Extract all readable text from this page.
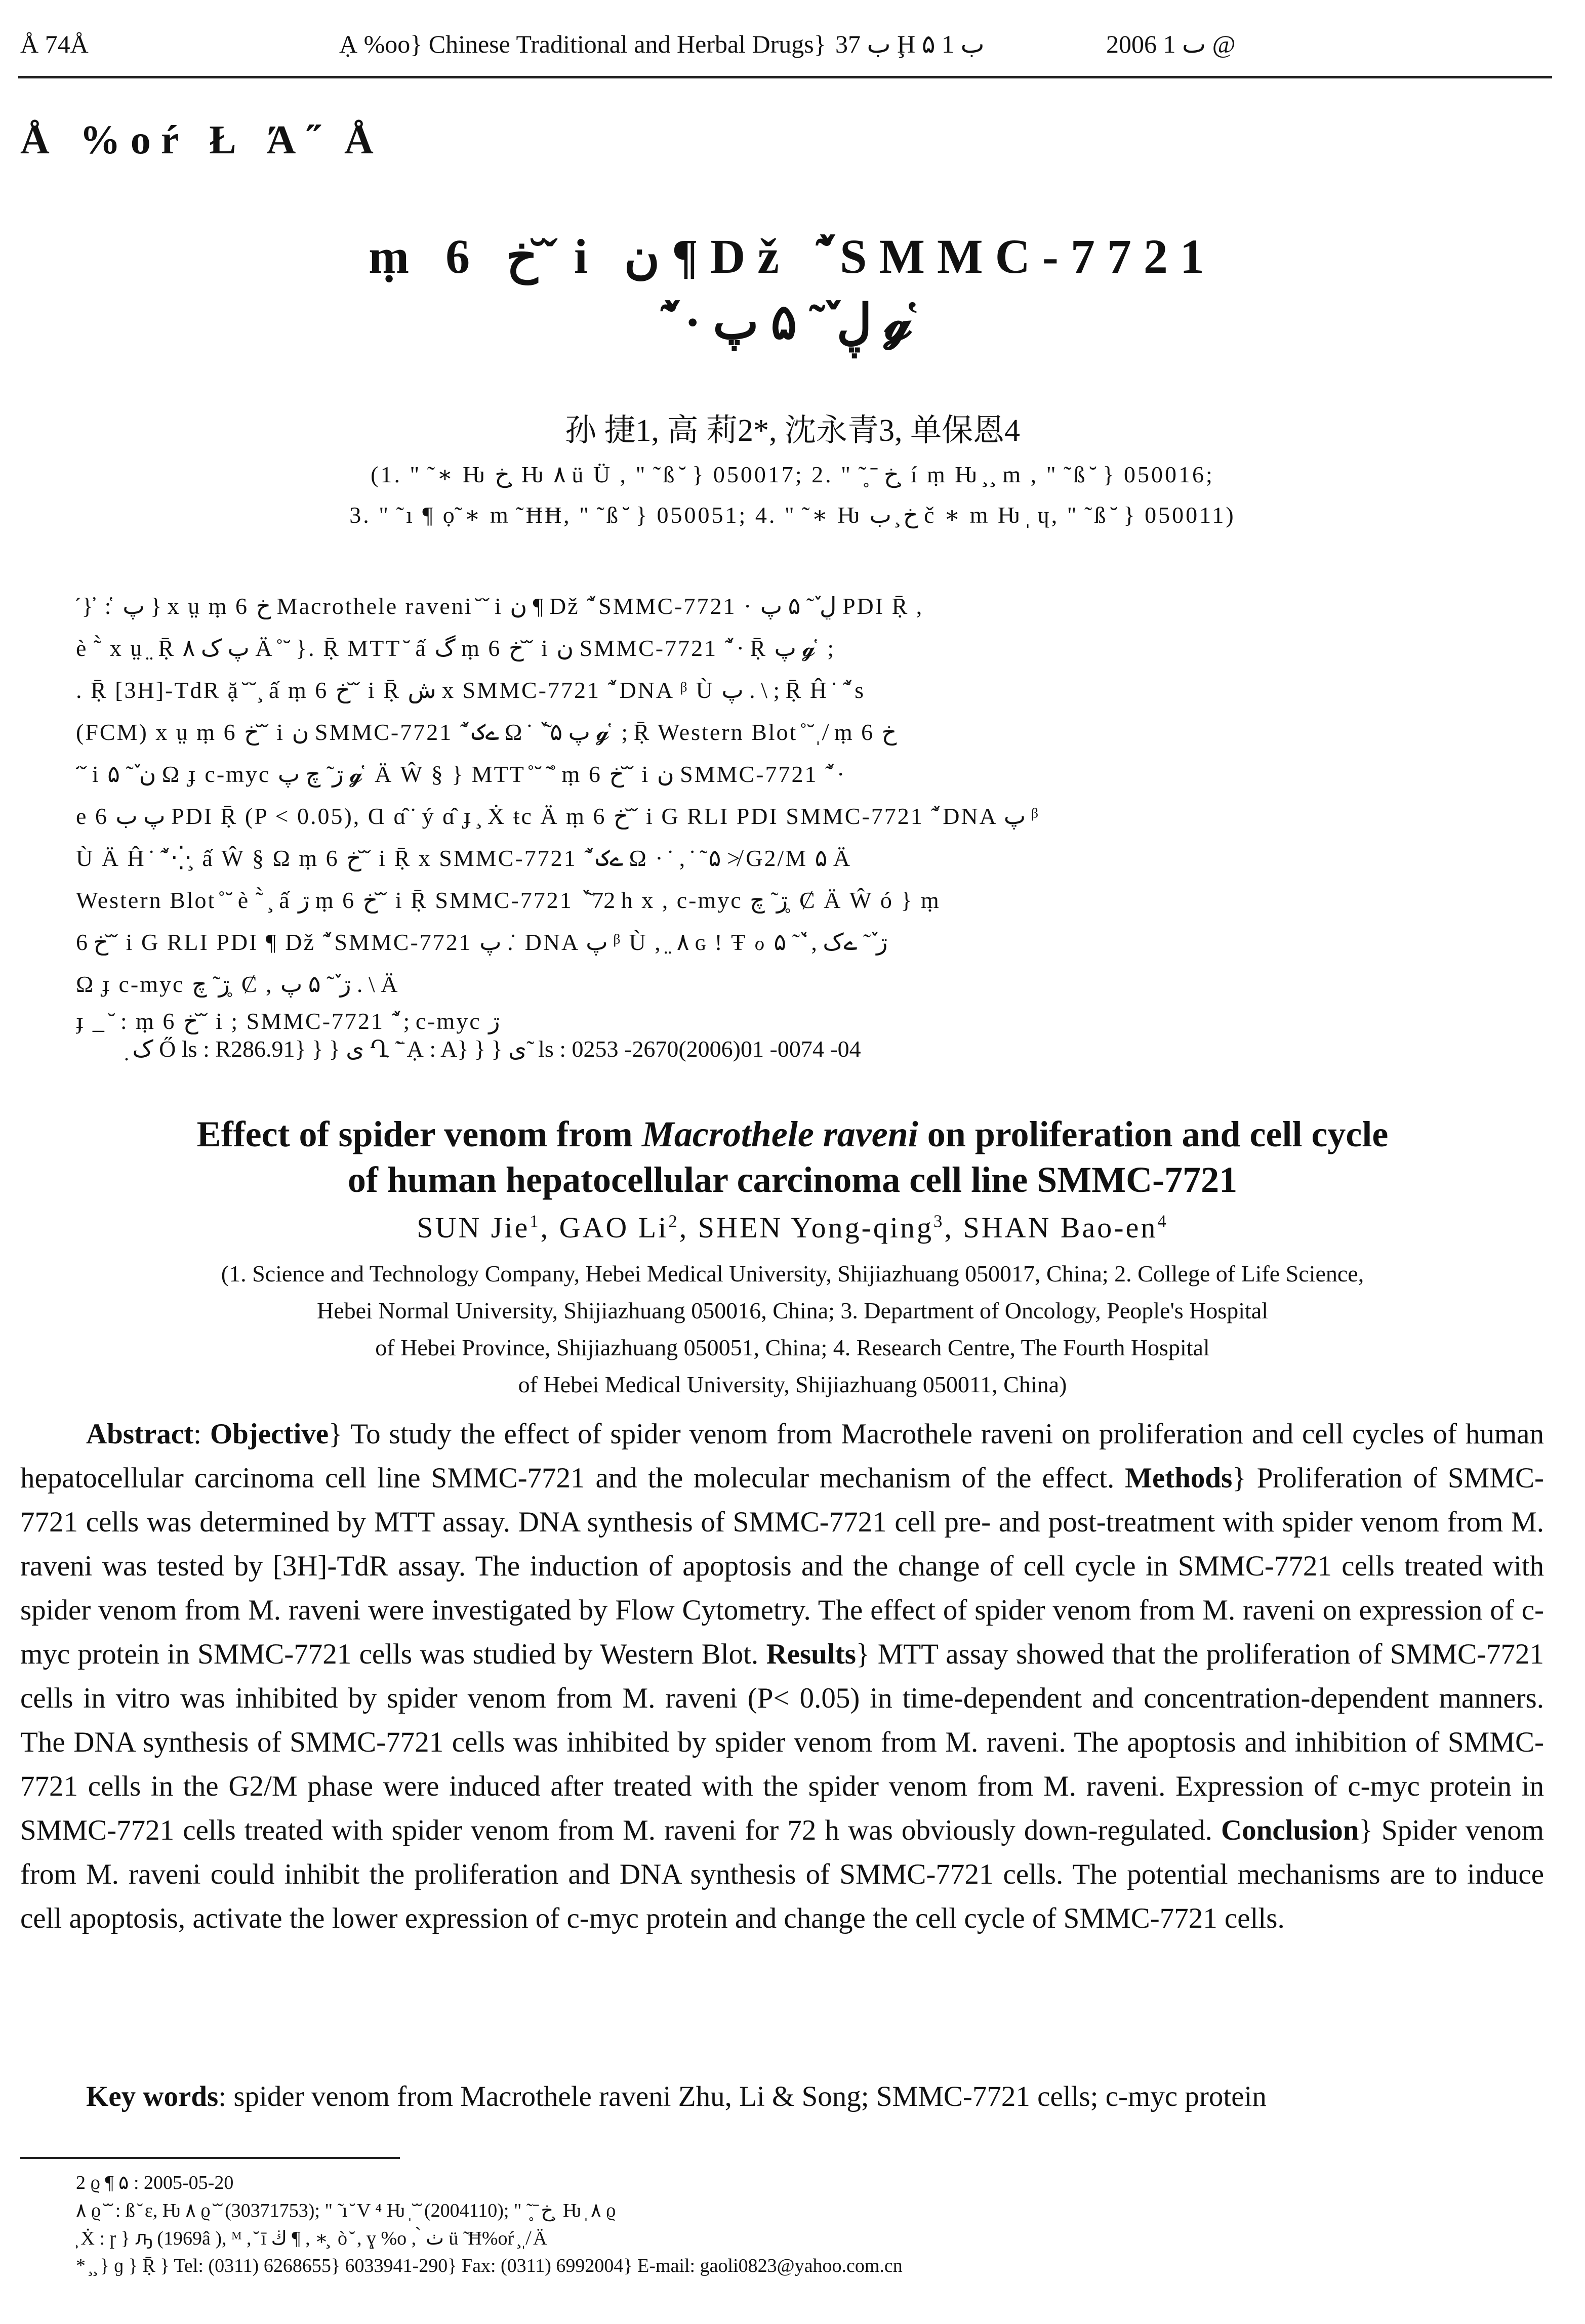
Å 74Å	Ạ %oo} Chinese Traditional and Herbal Drugs} ب 37 Ḩ ب 1 ۵	2006 ٮ 1 @
Å %oŕ Ł Ά ̋ Å
ṃ 6 خ ̆ ̌ i ن ¶ Dž ٚ ̃ SMMC-7721
ٚ ̃ · ڸ ٚ ̃ ۵ پ 𝓰 ̔
孙 捷1, 高 莉2*, 沈永青3, 单保恩4
(1. " ̃ ∗ Ƕ خ ̧ Ƕ ٨ ü Ü , " ̃ ß ̆ } 050017; 2. " ̃ ̥ ̄ خ ̧ í ṃ Ƕ ̧ ̧ m , " ̃ ß ̆ } 050016;
3. " ̃ ı ¶ ọ̃ ∗ m ̃ ĦĦ, " ̃ ß ̆ } 050051; 4. " ̃ ∗ Ƕ خ ̧ ب č ∗ m Ƕ ̩ ɥ, " ̃ ß ̆ } 050011)
̋ } ̕ : ̔ پ } x ṳ ṃ 6 خ Macrothele raveni ̆ ̌ i ن ¶ Dž ٚ ̃ SMMC-7721 · ڸ ٚ ̃ ۵ پ PDI Ṝ ,
è ̃ ̀ x ṳ ̤ Ṝ پ ک ٨ Ä ̊ ̆ }. Ṝ MTT ̆ ấ گ ṃ 6 خ ̆ ̌ i ن SMMC-7721 ٚ ̃ · Ṝ پ 𝓰 ̔ ;
. Ṝ [3H]-TdR ặ ̆ ̆ ̧ ấ ṃ 6 خ ̆ ̌ i Ṝ ش x SMMC-7721 ٚ ̃ DNA ᵝ Ù پ . \ ; Ṝ Ĥ ̇ ٚ ̃ s
(FCM) x ṳ ṃ 6 خ ̆ ̌ i ن SMMC-7721 ٚ ̃ ےک Ω ̇ ٚ ̃ ۵ پ 𝓰 ̔ ; Ṝ Western Blot ̊ ̆ ̩ ̸ ṃ 6 خ
̆ ̌ i ن ٚ ̃ ۵ Ω ɟ c-myc ڗ ̃ چ پ 𝓰 ̔ Ä Ŵ § } MTT ̊ ̆ ̃ ̊ ṃ 6 خ ̆ ̌ i ن SMMC-7721 ٚ ̃ ·
e 6 پ ب PDI Ṝ (P < 0.05), Ɑ ɑ̂ ̇ ý ɑ̂ ɟ ̧ Ẋ ŧc Ä ṃ 6 خ ̆ ̌ i G RLI PDI SMMC-7721 ٚ ̃ DNA پ ᵝ
Ù Ä Ĥ ̇ ٚ ̃ ⁛ ̧ ấ Ŵ § Ω ṃ 6 خ ̆ ̌ i Ṝ x SMMC-7721 ٚ ̃ ےک Ω · ̇ , ̇ ̃ ۵ ≯ G2/M ۵ Ä
Western Blot ̊ ̆ è ̃ ̀ ̧ ấ ڗ ṃ 6 خ ̆ ̌ i Ṝ SMMC-7721 ٚ ̃ 72 h x , c-myc ڗ ̃ چ ̥ Ȼ Ä Ŵ ó } ṃ
6 خ ̆ ̌ i G RLI PDI ¶ Dž ٚ ̃ SMMC-7721 پ . ̇ DNA پ ᵝ Ù , ̤ ٨ ɢ ! Ŧ ℴ ڗ ٚ ̃ ےک , ̇ ٚ ̃ ۵
Ω ɟ c-myc ڗ ̃ چ ̥ Ȼ , ڗ ٚ ̃ ۵ پ . \ Ä
ɟ _ ̆ : ṃ 6 خ ̆ ̌ i ; SMMC-7721 ٚ ̃ ; c-myc ڗ
̣ ک Ő ls : R286.91} } } ی Ղ ̃ ̄ Ạ : A} } } ی ̃ ls : 0253 -2670(2006)01 -0074 -04
Effect of spider venom from Macrothele raveni on proliferation and cell cycle
of human hepatocellular carcinoma cell line SMMC-7721
SUN Jie$^1$, GAO Li$^2$, SHEN Yong-qing$^3$, SHAN Bao-$en^4$
(1. Science and Technology Company, Hebei Medical University, Shijiazhuang 050017, China; 2. College of Life Science,
Hebei Normal University, Shijiazhuang 050016, China; 3. Department of Oncology, People's Hospital
of Hebei Province, Shijiazhuang 050051, China; 4. Research Centre, The Fourth Hospital
of Hebei Medical University, Shijiazhuang 050011, China)

Abstract: Objective} To study the effect of spider venom from Macrothele raveni on proliferation and cell cycles of human hepatocellular carcinoma cell line SMMC-7721 and the molecular mechanism of the effect. Methods} Proliferation of SMMC-7721 cells was determined by MTT assay. DNA synthesis of SMMC-7721 cell pre- and post-treatment with spider venom from M. raveni was tested by [3H]-TdR assay. The induction of apoptosis and the change of cell cycle in SMMC-7721 cells treated with spider venom from M. raveni were investigated by Flow Cytometry. The effect of spider venom from M. raveni on expression of c-myc protein in SMMC-7721 cells was studied by Western Blot. Results} MTT assay showed that the proliferation of SMMC-7721 cells in vitro was inhibited by spider venom from M. raveni (P< 0.05) in time-dependent and concentration-dependent manners. The DNA synthesis of SMMC-7721 cells was inhibited by spider venom from M. raveni. The apoptosis and inhibition of SMMC-7721 cells in the G2/M phase were induced after treated with the spider venom from M. raveni. Expression of c-myc protein in SMMC-7721 cells treated with spider venom from M. raveni for 72 h was obviously down-regulated. Conclusion} Spider venom from M. raveni could inhibit the proliferation and DNA synthesis of SMMC-7721 cells. The potential mechanisms are to induce cell apoptosis, activate the lower expression of c-myc protein and change the cell cycle of SMMC-7721 cells.

Key words: spider venom from Macrothele raveni Zhu, Li & Song; SMMC-7721 cells; c-myc protein
2 ϱ ¶ ۵ : 2005-05-20
٨ ϱ ̆ ̆ : ß ̆ ɛ, Ƕ ٨ ϱ ̆ ̆ (30371753); " ̃ ı ̆ V ⁴ Ƕ ̩ ̆ ̆ (2004110); " ̃ ̥ ̄ خ ̧ Ƕ ̩ ٨ ϱ
̧ Ẋ : ɼ } ԡ (1969â ), ᴹ , ̆ ī ڬ ¶ , ∗ ̧ ò ̆ , ɣ %o , ̀ ٺ ü ̃ Ħ%oŕ ̧ ̩ ̸ Ä
* ̧ ̧ } ɡ } Ṝ } Tel: (0311) 6268655} 6033941-290} Fax: (0311) 6992004} E-mail: gaoli0823@yahoo.com.cn
